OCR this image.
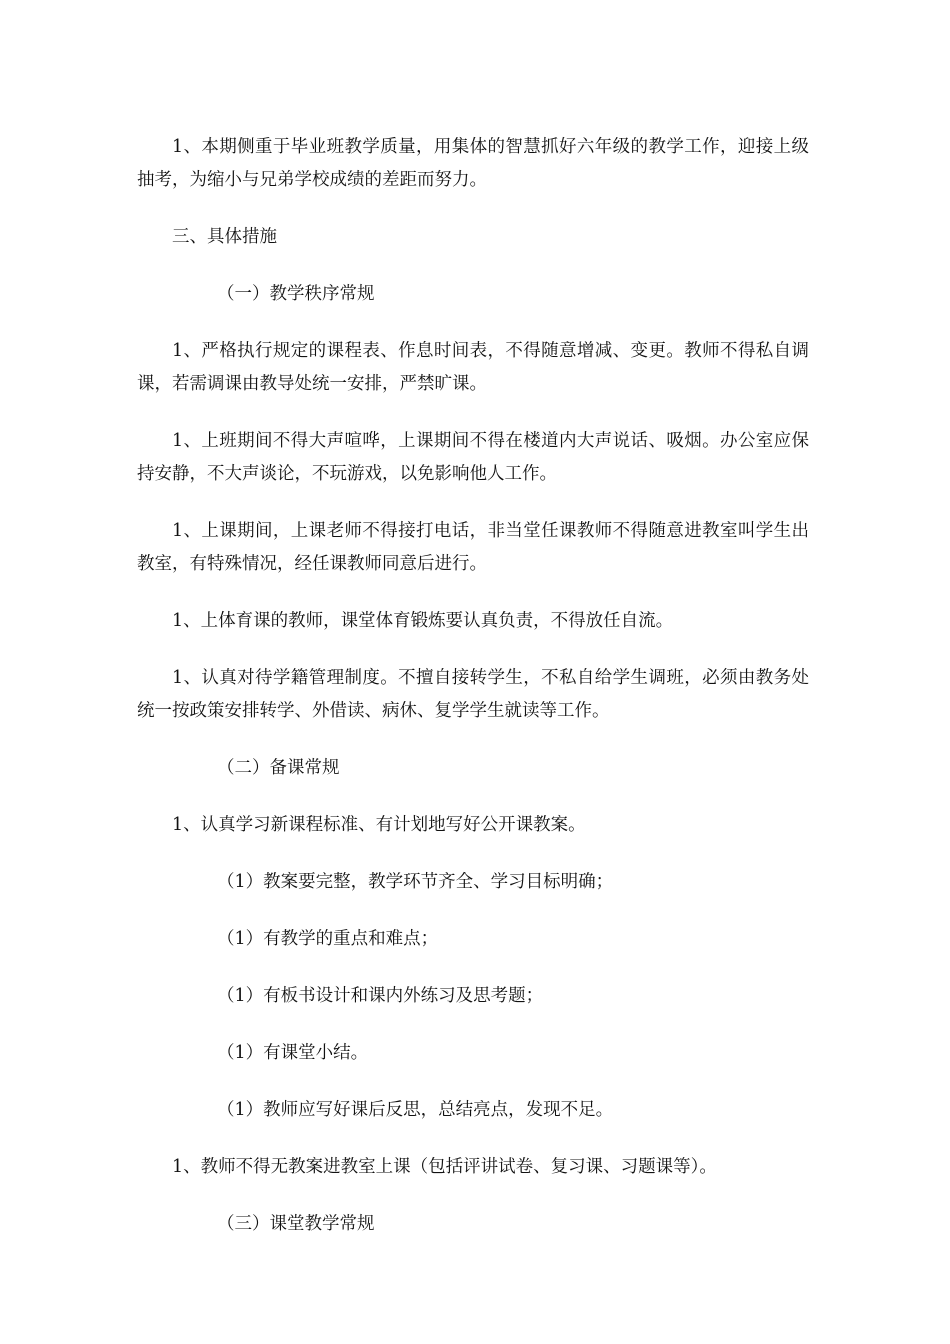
1、本期侧重于毕业班教学质量，用集体的智慧抓好六年级的教学工作，迎接上级抽考，为缩小与兄弟学校成绩的差距而努力。

三、具体措施

（一）教学秩序常规

1、严格执行规定的课程表、作息时间表，不得随意增减、变更。教师不得私自调课，若需调课由教导处统一安排，严禁旷课。

1、上班期间不得大声喧哗，上课期间不得在楼道内大声说话、吸烟。办公室应保持安静，不大声谈论，不玩游戏，以免影响他人工作。

1、上课期间，上课老师不得接打电话，非当堂任课教师不得随意进教室叫学生出教室，有特殊情况，经任课教师同意后进行。

1、上体育课的教师，课堂体育锻炼要认真负责，不得放任自流。

1、认真对待学籍管理制度。不擅自接转学生，不私自给学生调班，必须由教务处统一按政策安排转学、外借读、病休、复学学生就读等工作。

（二）备课常规

1、认真学习新课程标准、有计划地写好公开课教案。

（1）教案要完整，教学环节齐全、学习目标明确；

（1）有教学的重点和难点；

（1）有板书设计和课内外练习及思考题；

（1）有课堂小结。

（1）教师应写好课后反思，总结亮点，发现不足。

1、教师不得无教案进教室上课（包括评讲试卷、复习课、习题课等）。

（三）课堂教学常规
